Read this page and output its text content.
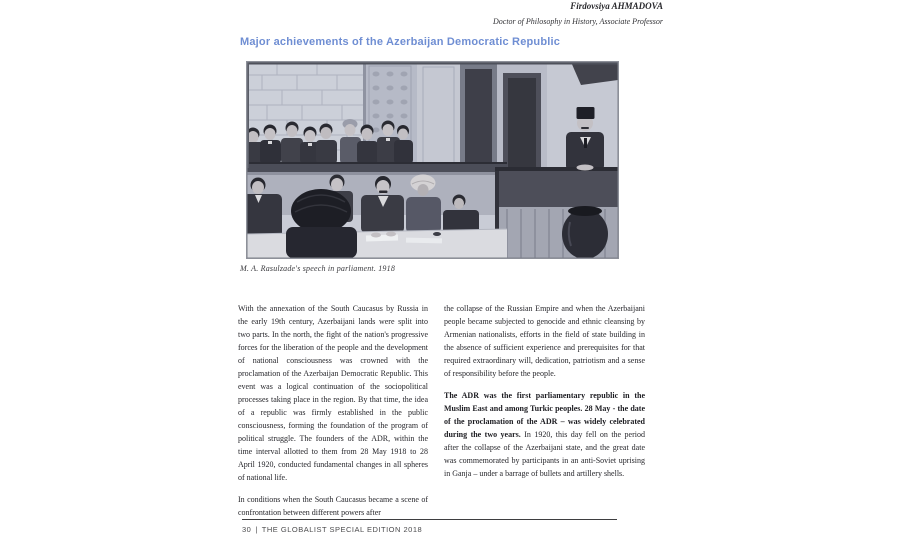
Firdovsiya AHMADOVA
Doctor of Philosophy in History, Associate Professor
Major achievements of the Azerbaijan Democratic Republic
M. A. Rasulzade's speech in parliament. 1918

With the annexation of the South Caucasus by Russia in the early 19th century, Azerbaijani lands were split into two parts. In the north, the fight of the nation's progressive forces for the liberation of the people and the development of national consciousness was crowned with the proclamation of the Azerbaijan Democratic Republic. This event was a logical continuation of the sociopolitical processes taking place in the region. By that time, the idea of a republic was firmly established in the public consciousness, forming the foundation of the program of political struggle. The founders of the ADR, within the time interval allotted to them from 28 May 1918 to 28 April 1920, conducted fundamental changes in all spheres of national life.

In conditions when the South Caucasus became a scene of confrontation between different powers after

the collapse of the Russian Empire and when the Azerbaijani people became subjected to genocide and ethnic cleansing by Armenian nationalists, efforts in the field of state building in the absence of sufficient experience and prerequisites for that required extraordinary will, dedication, patriotism and a sense of responsibility before the people.

The ADR was the first parliamentary republic in the Muslim East and among Turkic peoples. 28 May - the date of the proclamation of the ADR – was widely celebrated during the two years. In 1920, this day fell on the period after the collapse of the Azerbaijani state, and the great date was commemorated by participants in an anti-Soviet uprising in Ganja – under a barrage of bullets and artillery shells.

30 | THE GLOBALIST SPECIAL EDITION 2018
